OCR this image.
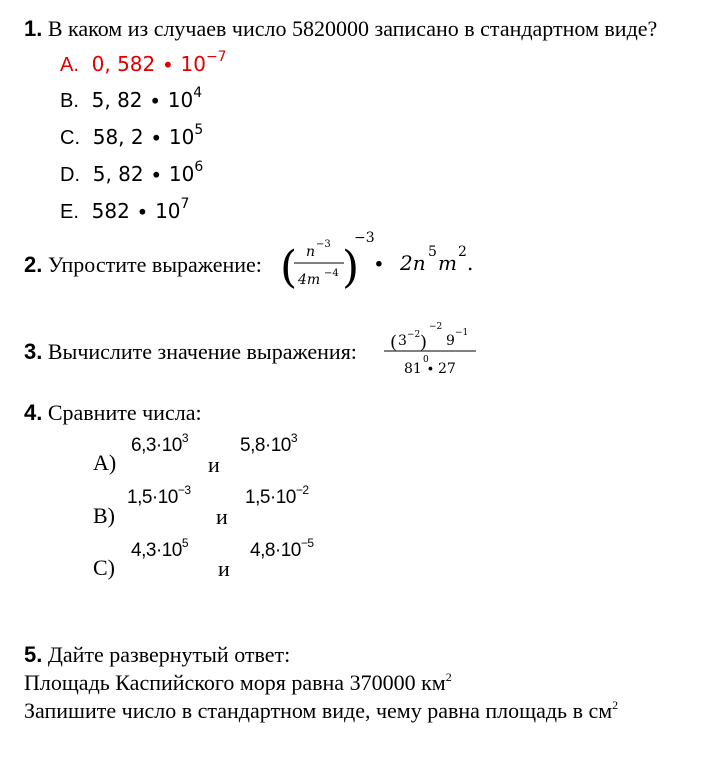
1. В каком из случаев число 5820000 записано в стандартном виде?
A. 0, $582 \cdot 10^{-7}$
B. 5, $82 \cdot 10^4$
C. 58, $2 \cdot 10^5$
D. 5, $82 \cdot 10^6$
E. $582 \cdot 10^7$
2. Упростите выражение: ( n −3
4m −4 )
−3
∙ 2n 5 m 2 .
3. Вычислите значение выражения: ( 3 −2 )
−2
9 −1
81
0
∙ 27
4. Сравните числа:
A)
$6,3\cdot 10^3$
и
$5,8\cdot 10^3$
B)
$1,5\cdot 10^{-3}$
и
$1,5\cdot 10^{-2}$
C)
$4,3\cdot 10^5$
и
$4,8\cdot 10^{-5}$
5. Дайте развернутый ответ:
Площадь Каспийского моря равна 370000 $км^2$
Запишите число в стандартном виде, чему равна площадь в $см^2$
